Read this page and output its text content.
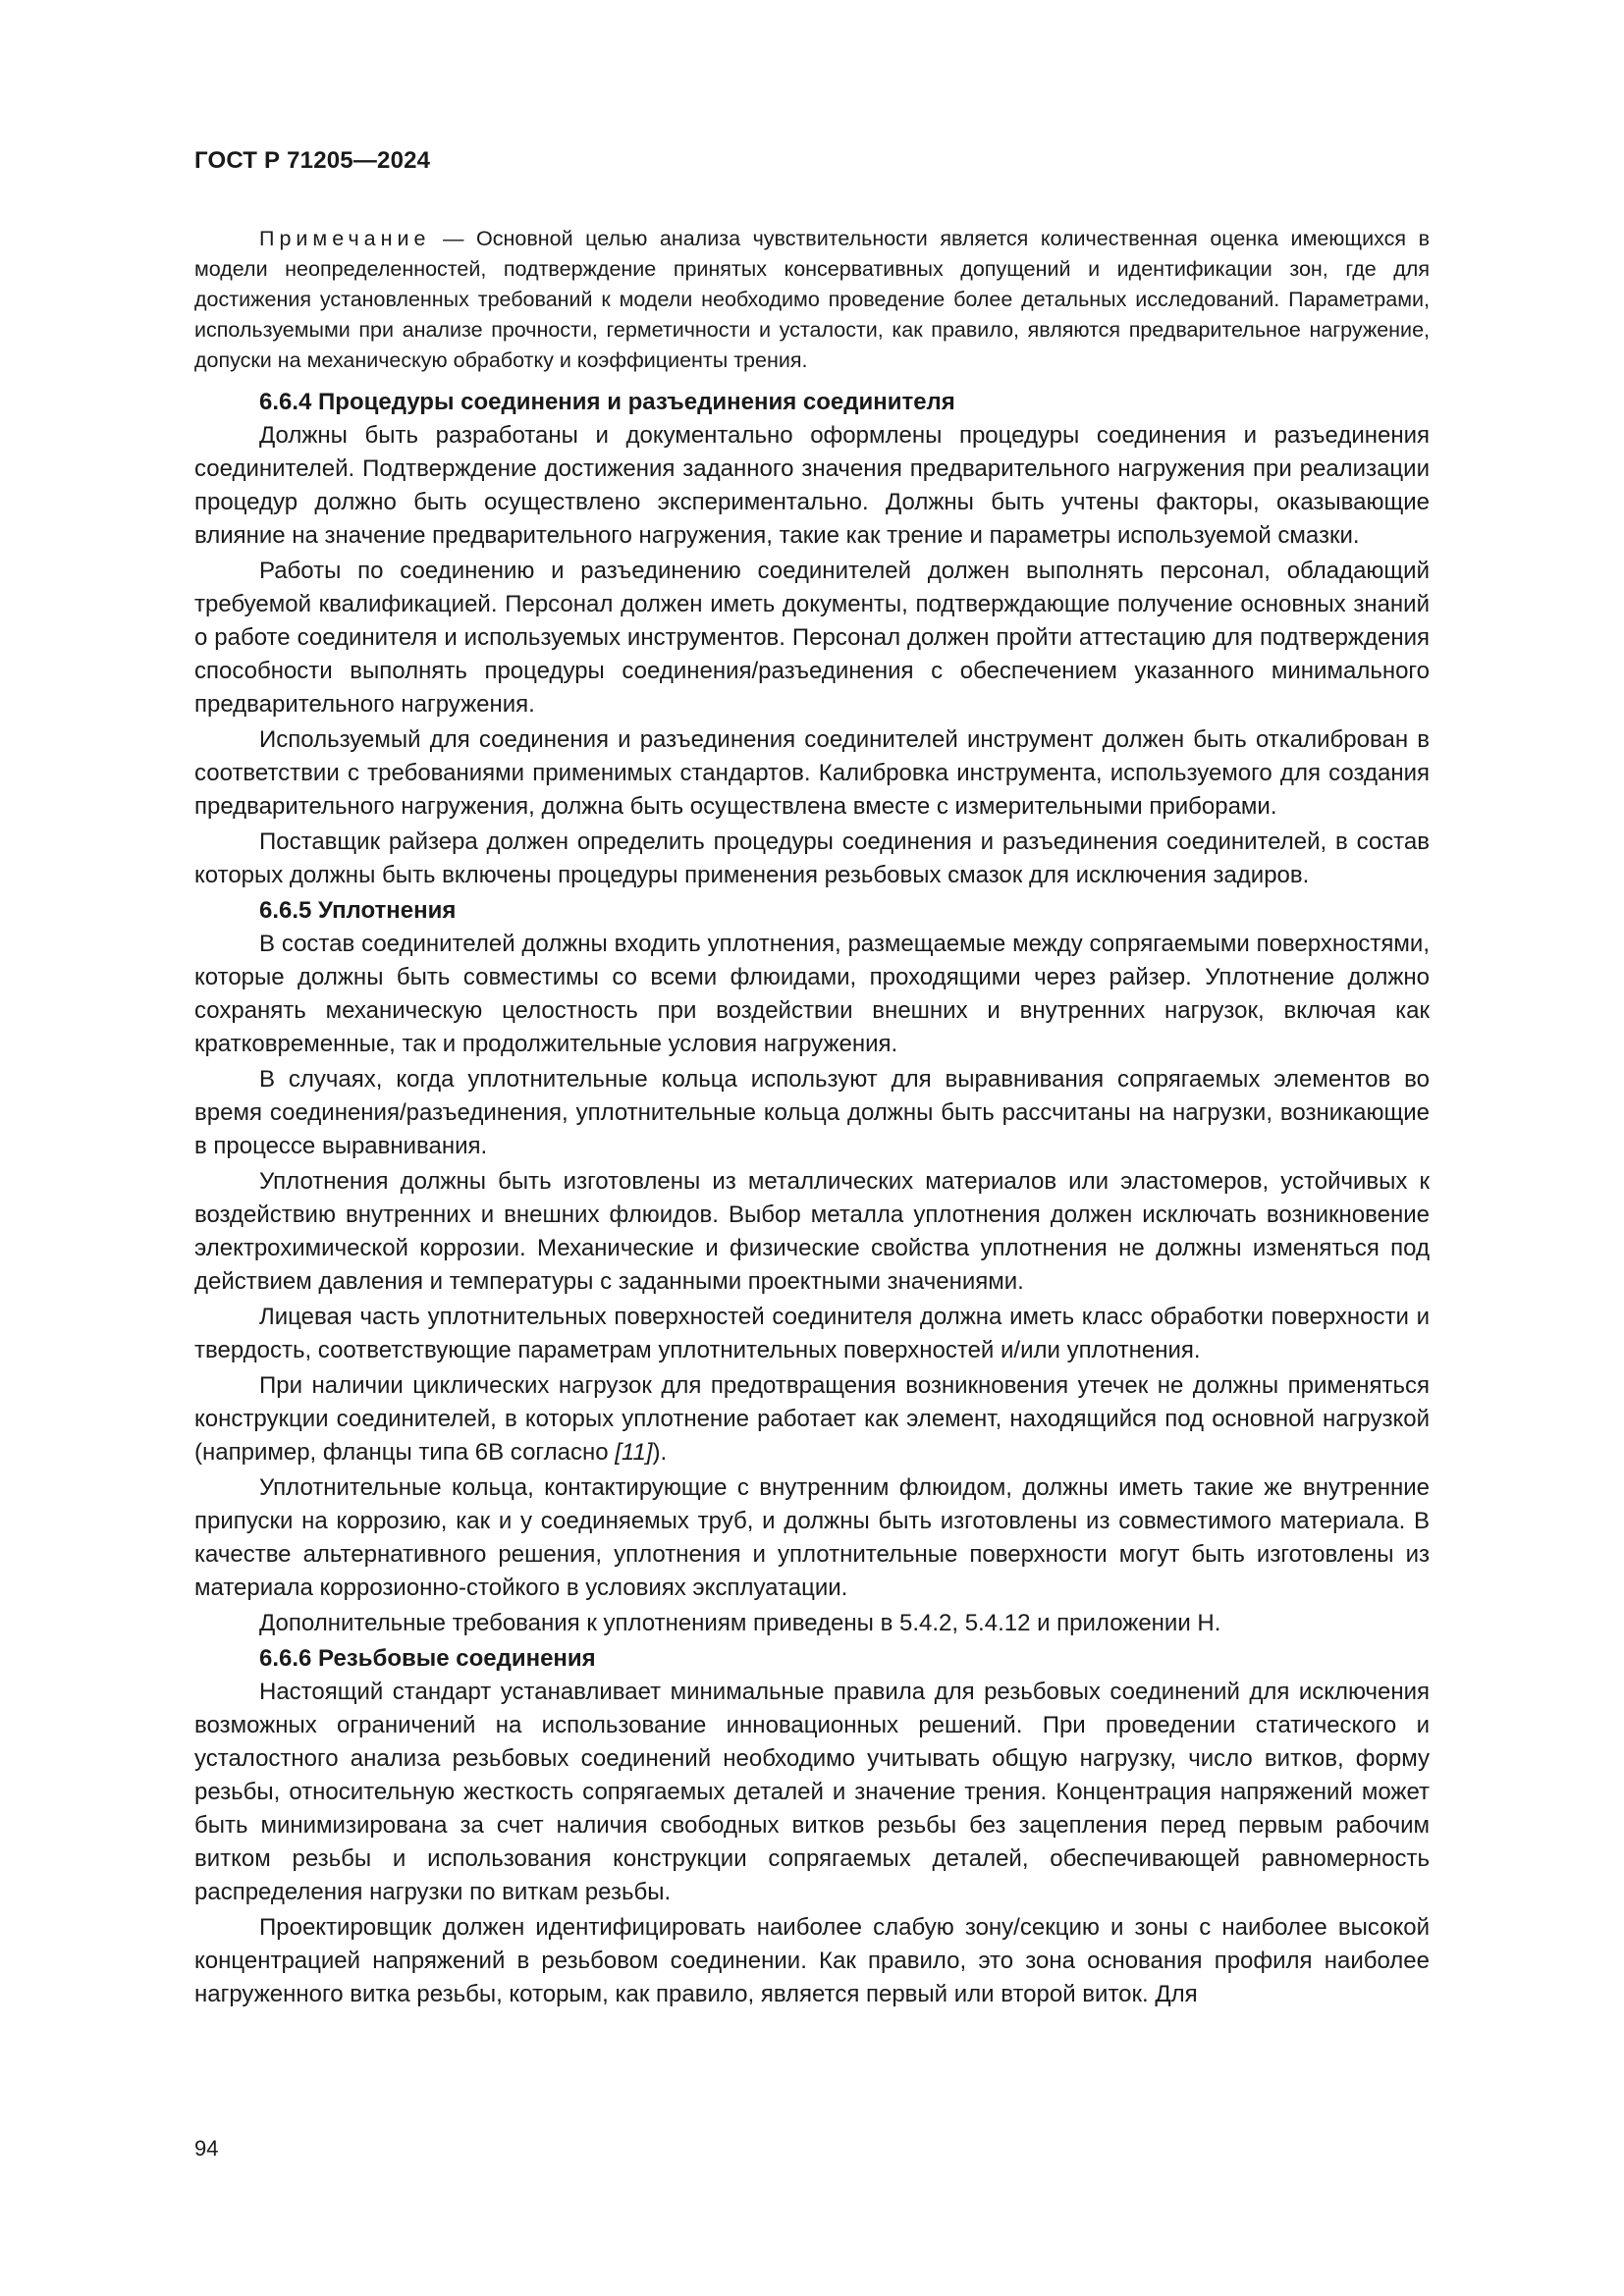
ГОСТ Р 71205—2024

Примечание — Основной целью анализа чувствительности является количественная оценка имеющихся в модели неопределенностей, подтверждение принятых консервативных допущений и идентификации зон, где для достижения установленных требований к модели необходимо проведение более детальных исследований. Параметрами, используемыми при анализе прочности, герметичности и усталости, как правило, являются предварительное нагружение, допуски на механическую обработку и коэффициенты трения.

6.6.4 Процедуры соединения и разъединения соединителя

Должны быть разработаны и документально оформлены процедуры соединения и разъединения соединителей. Подтверждение достижения заданного значения предварительного нагружения при реализации процедур должно быть осуществлено экспериментально. Должны быть учтены факторы, оказывающие влияние на значение предварительного нагружения, такие как трение и параметры используемой смазки.

Работы по соединению и разъединению соединителей должен выполнять персонал, обладающий требуемой квалификацией. Персонал должен иметь документы, подтверждающие получение основных знаний о работе соединителя и используемых инструментов. Персонал должен пройти аттестацию для подтверждения способности выполнять процедуры соединения/разъединения с обеспечением указанного минимального предварительного нагружения.

Используемый для соединения и разъединения соединителей инструмент должен быть откалиброван в соответствии с требованиями применимых стандартов. Калибровка инструмента, используемого для создания предварительного нагружения, должна быть осуществлена вместе с измерительными приборами.

Поставщик райзера должен определить процедуры соединения и разъединения соединителей, в состав которых должны быть включены процедуры применения резьбовых смазок для исключения задиров.

6.6.5 Уплотнения

В состав соединителей должны входить уплотнения, размещаемые между сопрягаемыми поверхностями, которые должны быть совместимы со всеми флюидами, проходящими через райзер. Уплотнение должно сохранять механическую целостность при воздействии внешних и внутренних нагрузок, включая как кратковременные, так и продолжительные условия нагружения.

В случаях, когда уплотнительные кольца используют для выравнивания сопрягаемых элементов во время соединения/разъединения, уплотнительные кольца должны быть рассчитаны на нагрузки, возникающие в процессе выравнивания.

Уплотнения должны быть изготовлены из металлических материалов или эластомеров, устойчивых к воздействию внутренних и внешних флюидов. Выбор металла уплотнения должен исключать возникновение электрохимической коррозии. Механические и физические свойства уплотнения не должны изменяться под действием давления и температуры с заданными проектными значениями.

Лицевая часть уплотнительных поверхностей соединителя должна иметь класс обработки поверхности и твердость, соответствующие параметрам уплотнительных поверхностей и/или уплотнения.

При наличии циклических нагрузок для предотвращения возникновения утечек не должны применяться конструкции соединителей, в которых уплотнение работает как элемент, находящийся под основной нагрузкой (например, фланцы типа 6B согласно [11]).

Уплотнительные кольца, контактирующие с внутренним флюидом, должны иметь такие же внутренние припуски на коррозию, как и у соединяемых труб, и должны быть изготовлены из совместимого материала. В качестве альтернативного решения, уплотнения и уплотнительные поверхности могут быть изготовлены из материала коррозионно-стойкого в условиях эксплуатации.

Дополнительные требования к уплотнениям приведены в 5.4.2, 5.4.12 и приложении Н.

6.6.6 Резьбовые соединения

Настоящий стандарт устанавливает минимальные правила для резьбовых соединений для исключения возможных ограничений на использование инновационных решений. При проведении статического и усталостного анализа резьбовых соединений необходимо учитывать общую нагрузку, число витков, форму резьбы, относительную жесткость сопрягаемых деталей и значение трения. Концентрация напряжений может быть минимизирована за счет наличия свободных витков резьбы без зацепления перед первым рабочим витком резьбы и использования конструкции сопрягаемых деталей, обеспечивающей равномерность распределения нагрузки по виткам резьбы.

Проектировщик должен идентифицировать наиболее слабую зону/секцию и зоны с наиболее высокой концентрацией напряжений в резьбовом соединении. Как правило, это зона основания профиля наиболее нагруженного витка резьбы, которым, как правило, является первый или второй виток. Для

94
